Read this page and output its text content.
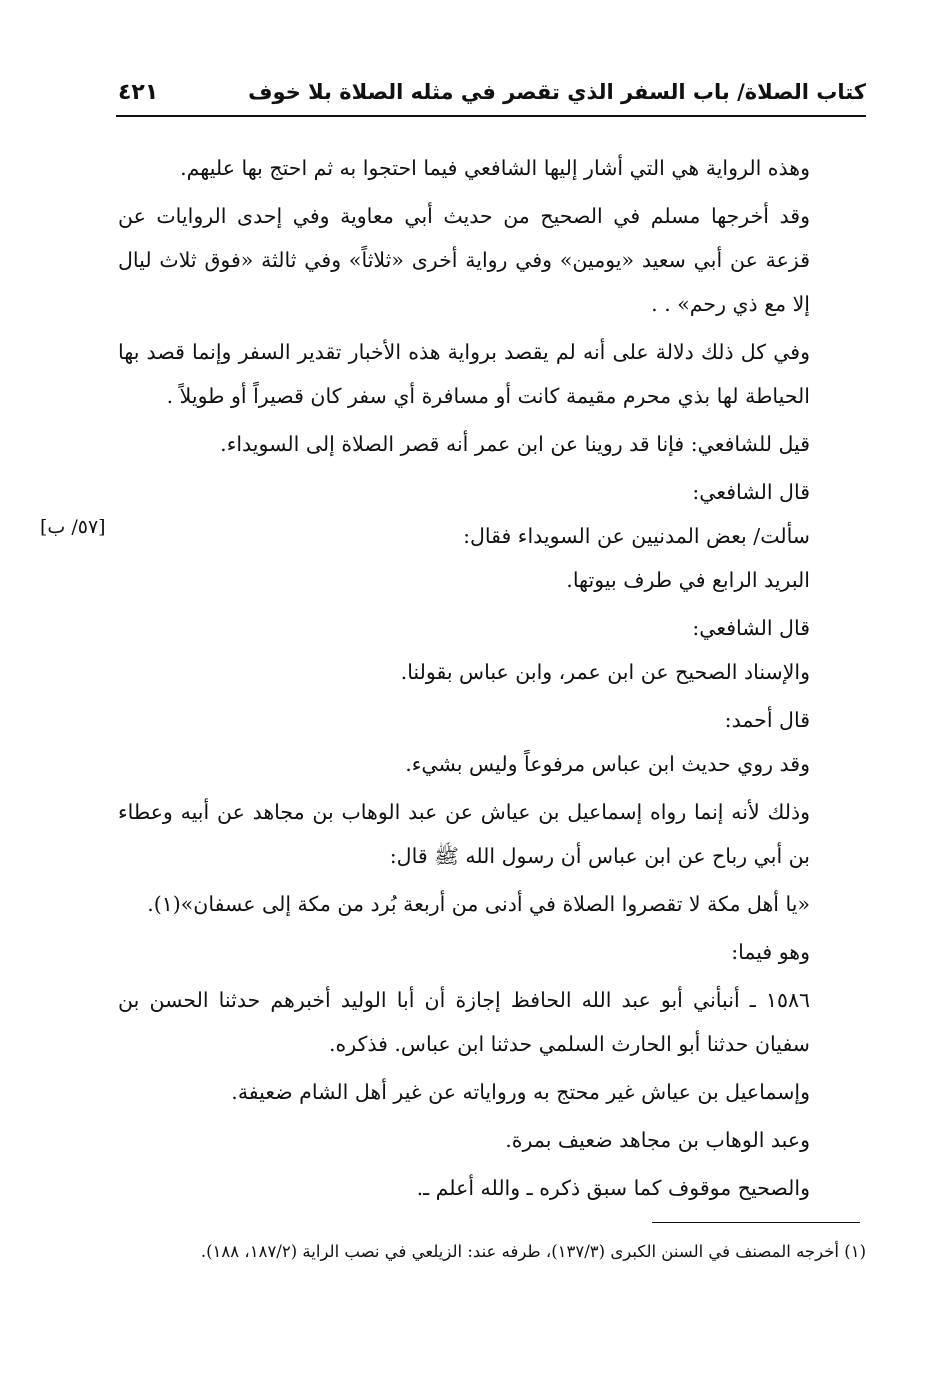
٤٢١	كتاب الصلاة/ باب السفر الذي تقصر في مثله الصلاة بلا خوف
[٥٧/ ب]

وهذه الرواية هي التي أشار إليها الشافعي فيما احتجوا به ثم احتج بها عليهم.

وقد أخرجها مسلم في الصحيح من حديث أبي معاوية وفي إحدى الروايات عن قزعة عن أبي سعيد «يومين» وفي رواية أخرى «ثلاثاً» وفي ثالثة «فوق ثلاث ليال إلا مع ذي رحم» . .

وفي كل ذلك دلالة على أنه لم يقصد برواية هذه الأخبار تقدير السفر وإنما قصد بها الحياطة لها بذي محرم مقيمة كانت أو مسافرة أي سفر كان قصيراً أو طويلاً .

قيل للشافعي: فإنا قد روينا عن ابن عمر أنه قصر الصلاة إلى السويداء.

قال الشافعي:

سألت/ بعض المدنيين عن السويداء فقال:

البريد الرابع في طرف بيوتها.

قال الشافعي:

والإسناد الصحيح عن ابن عمر، وابن عباس بقولنا.

قال أحمد:

وقد روي حديث ابن عباس مرفوعاً وليس بشيء.

وذلك لأنه إنما رواه إسماعيل بن عياش عن عبد الوهاب بن مجاهد عن أبيه وعطاء بن أبي رباح عن ابن عباس أن رسول الله ﷺ قال:

«يا أهل مكة لا تقصروا الصلاة في أدنى من أربعة بُرد من مكة إلى عسفان»(١).

وهو فيما:

١٥٨٦ ـ أنبأني أبو عبد الله الحافظ إجازة أن أبا الوليد أخبرهم حدثنا الحسن بن سفيان حدثنا أبو الحارث السلمي حدثنا ابن عباس. فذكره.

وإسماعيل بن عياش غير محتج به ورواياته عن غير أهل الشام ضعيفة.

وعبد الوهاب بن مجاهد ضعيف بمرة.

والصحيح موقوف كما سبق ذكره ـ والله أعلم ـ.

(١) أخرجه المصنف في السنن الكبرى (١٣٧/٣)، طرفه عند: الزيلعي في نصب الراية (١٨٧/٢، ١٨٨).
